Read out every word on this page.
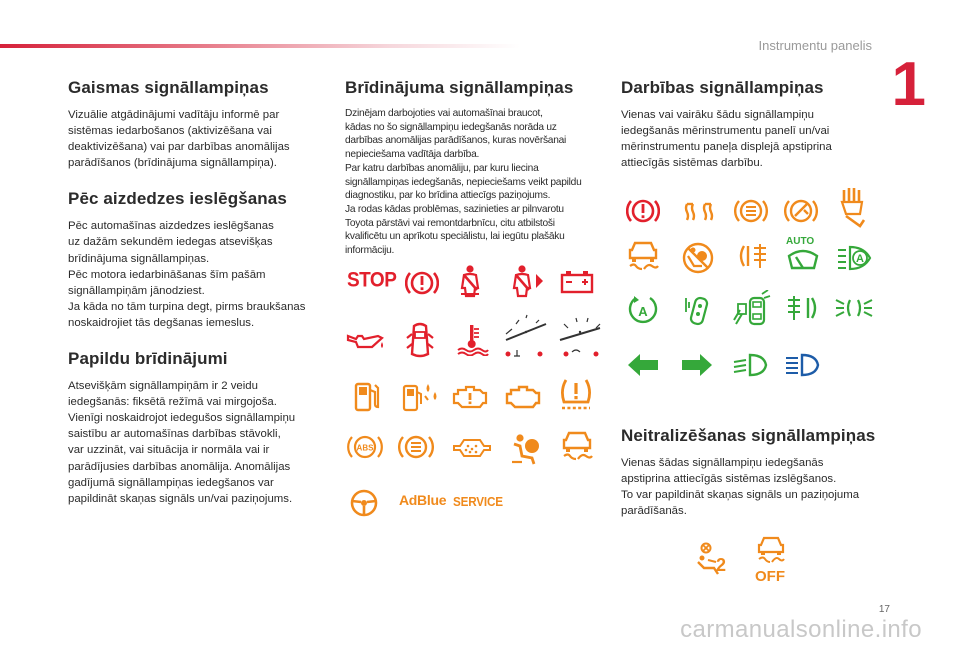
Instrumentu panelis
1
Gaismas signāllampiņas

Vizuālie atgādinājumi vadītāju informē par
sistēmas iedarbošanos (aktivizēšana vai
deaktivizēšana) vai par darbības anomālijas
parādīšanos (brīdinājuma signāllampiņa).

Pēc aizdedzes ieslēgšanas

Pēc automašīnas aizdedzes ieslēgšanas
uz dažām sekundēm iedegas atsevišķas
brīdinājuma signāllampiņas.
Pēc motora iedarbināšanas šīm pašām
signāllampiņām jānodziest.
Ja kāda no tām turpina degt, pirms braukšanas
noskaidrojiet tās degšanas iemeslus.

Papildu brīdinājumi

Atsevišķām signāllampiņām ir 2 veidu
iedegšanās: fiksētā režīmā vai mirgojoša.
Vienīgi noskaidrojot iedegušos signāllampiņu
saistību ar automašīnas darbības stāvokli,
var uzzināt, vai situācija ir normāla vai ir
parādījusies darbības anomālija. Anomālijas
gadījumā signāllampiņas iedegšanos var
papildināt skaņas signāls un/vai paziņojums.

Brīdinājuma signāllampiņas

Dzinējam darbojoties vai automašīnai braucot,
kādas no šo signāllampiņu iedegšanās norāda uz
darbības anomālijas parādīšanos, kuras novēršanai
nepieciešama vadītāja darbība.
Par katru darbības anomāliju, par kuru liecina
signāllampiņas iedegšanās, nepieciešams veikt papildu
diagnostiku, par ko brīdina attiecīgs paziņojums.
Ja rodas kādas problēmas, sazinieties ar pilnvarotu
Toyota pārstāvi vai remontdarbnīcu, citu atbilstoši
kvalificētu un aprīkotu speciālistu, lai iegūtu plašāku
informāciju.

Darbības signāllampiņas

Vienas vai vairāku šādu signāllampiņu
iedegšanās mērinstrumentu panelī un/vai
mērinstrumentu paneļa displejā apstiprina
attiecīgās sistēmas darbību.

Neitralizēšanas signāllampiņas

Vienas šādas signāllampiņu iedegšanās
apstiprina attiecīgās sistēmas izslēgšanos.
To var papildināt skaņas signāls un paziņojuma
parādīšanās.

STOP
ABS
AdBlue SERVICE
AUTO
A
A
2
OFF
17
carmanualsonline.info
